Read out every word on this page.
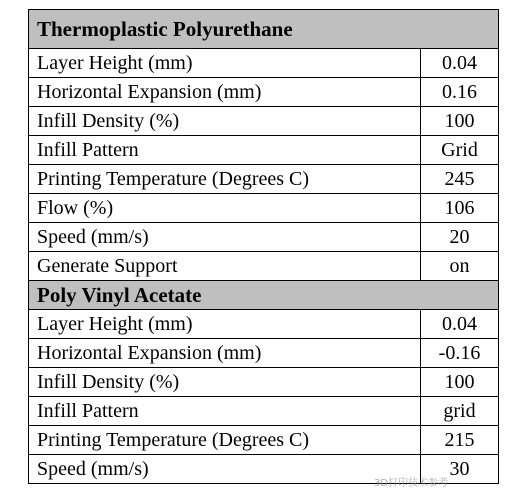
Thermoplastic Polyurethane	
Layer Height (mm)	0.04
Horizontal Expansion (mm)	0.16
Infill Density (%)	100
Infill Pattern	Grid
Printing Temperature (Degrees C)	245
Flow (%)	106
Speed (mm/s)	20
Generate Support	on
Poly Vinyl Acetate	
Layer Height (mm)	0.04
Horizontal Expansion (mm)	-0.16
Infill Density (%)	100
Infill Pattern	grid
Printing Temperature (Degrees C)	215
Speed (mm/s)	30
3D打印技术参考
